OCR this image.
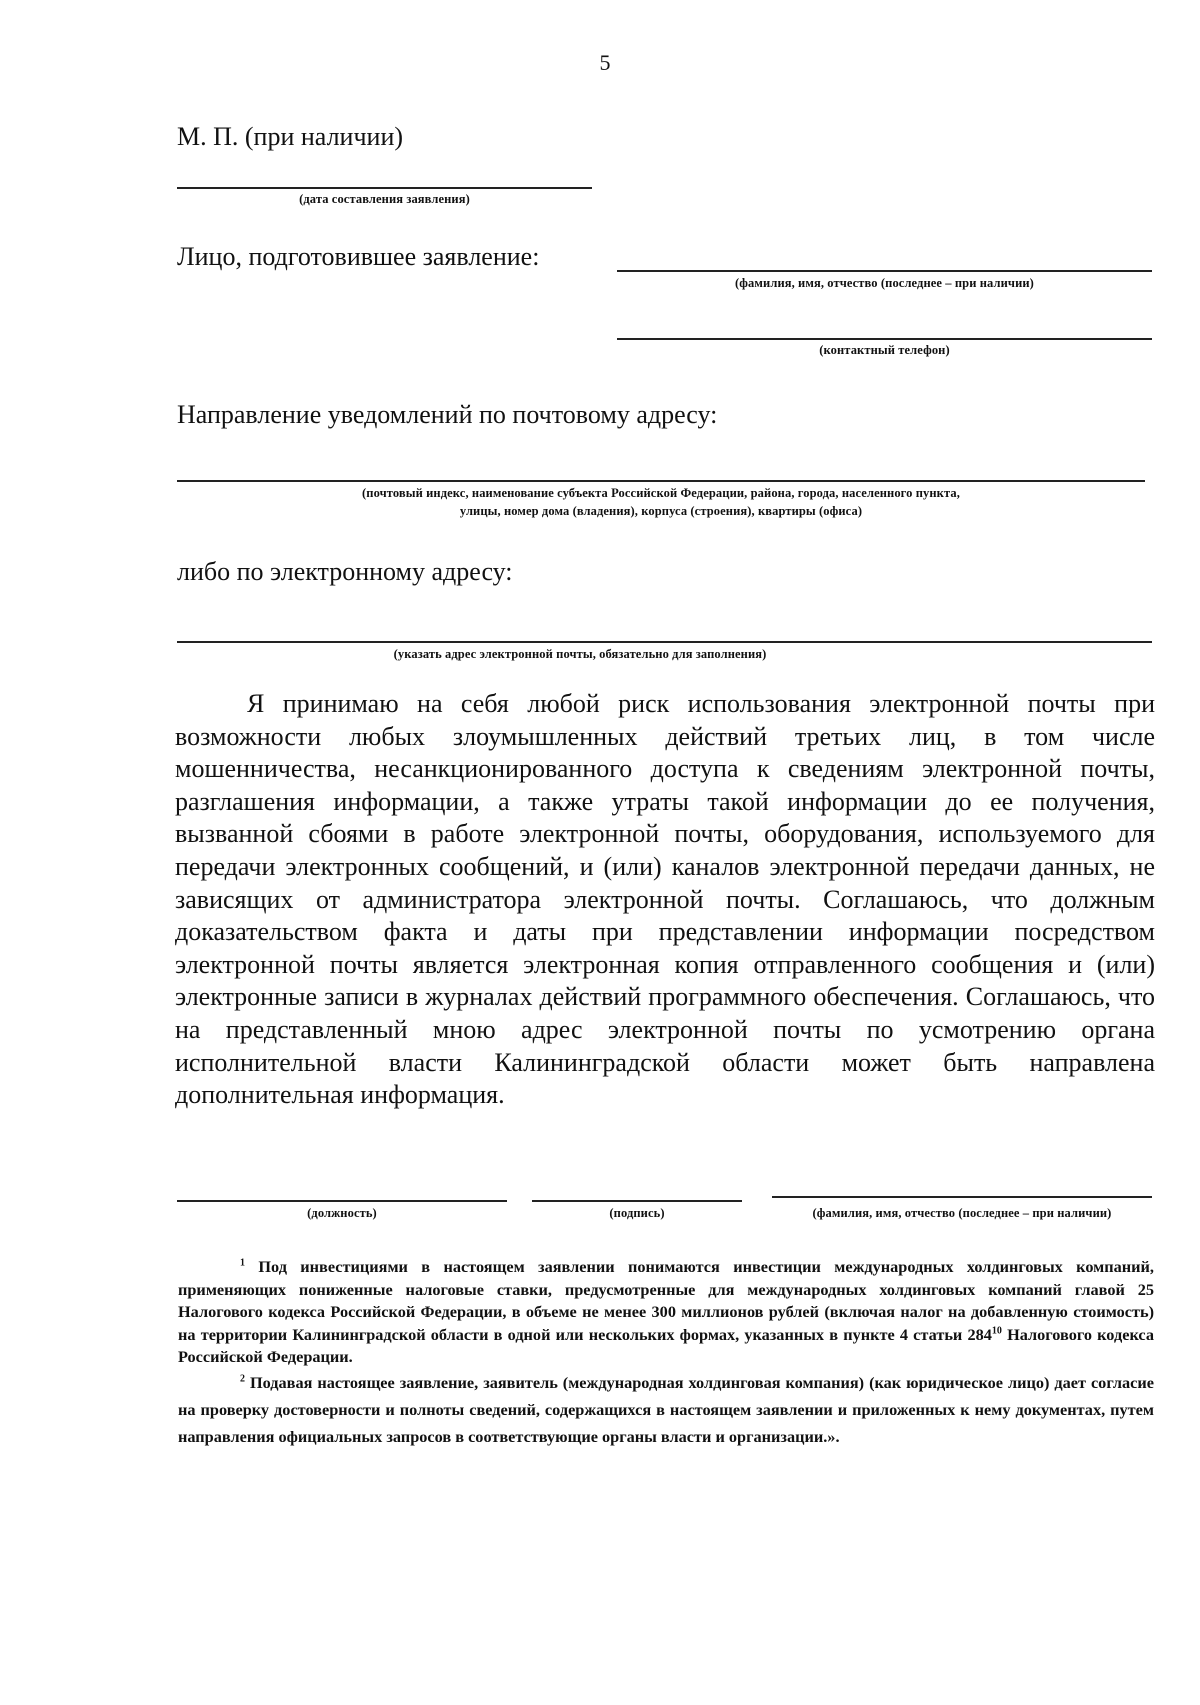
5
М. П. (при наличии)
(дата составления заявления)
Лицо, подготовившее заявление:
(фамилия, имя, отчество (последнее – при наличии)
(контактный телефон)
Направление уведомлений по почтовому адресу:
(почтовый индекс, наименование субъекта Российской Федерации, района, города, населенного пункта,
улицы, номер дома (владения), корпуса (строения), квартиры (офиса)
либо по электронному адресу:
(указать адрес электронной почты, обязательно для заполнения)
Я принимаю на себя любой риск использования электронной почты при возможности любых злоумышленных действий третьих лиц, в том числе мошенничества, несанкционированного доступа к сведениям электронной почты, разглашения информации, а также утраты такой информации до ее получения, вызванной сбоями в работе электронной почты, оборудования, используемого для передачи электронных сообщений, и (или) каналов электронной передачи данных, не зависящих от администратора электронной почты. Соглашаюсь, что должным доказательством факта и даты при представлении информации посредством электронной почты является электронная копия отправленного сообщения и (или) электронные записи в журналах действий программного обеспечения. Соглашаюсь, что на представленный мною адрес электронной почты по усмотрению органа исполнительной власти Калининградской области может быть направлена дополнительная информация.
(должность)	(подпись)	(фамилия, имя, отчество (последнее – при наличии)

$^1$ Под инвестициями в настоящем заявлении понимаются инвестиции международных холдинговых компаний, применяющих пониженные налоговые ставки, предусмотренные для международных холдинговых компаний главой 25 Налогового кодекса Российской Федерации, в объеме не менее 300 миллионов рублей (включая налог на добавленную стоимость) на территории Калининградской области в одной или нескольких формах, указанных в пункте 4 статьи $284^{10}$ Налогового кодекса Российской Федерации.

$^2$ Подавая настоящее заявление, заявитель (международная холдинговая компания) (как юридическое лицо) дает согласие на проверку достоверности и полноты сведений, содержащихся в настоящем заявлении и приложенных к нему документах, путем направления официальных запросов в соответствующие органы власти и организации.».
